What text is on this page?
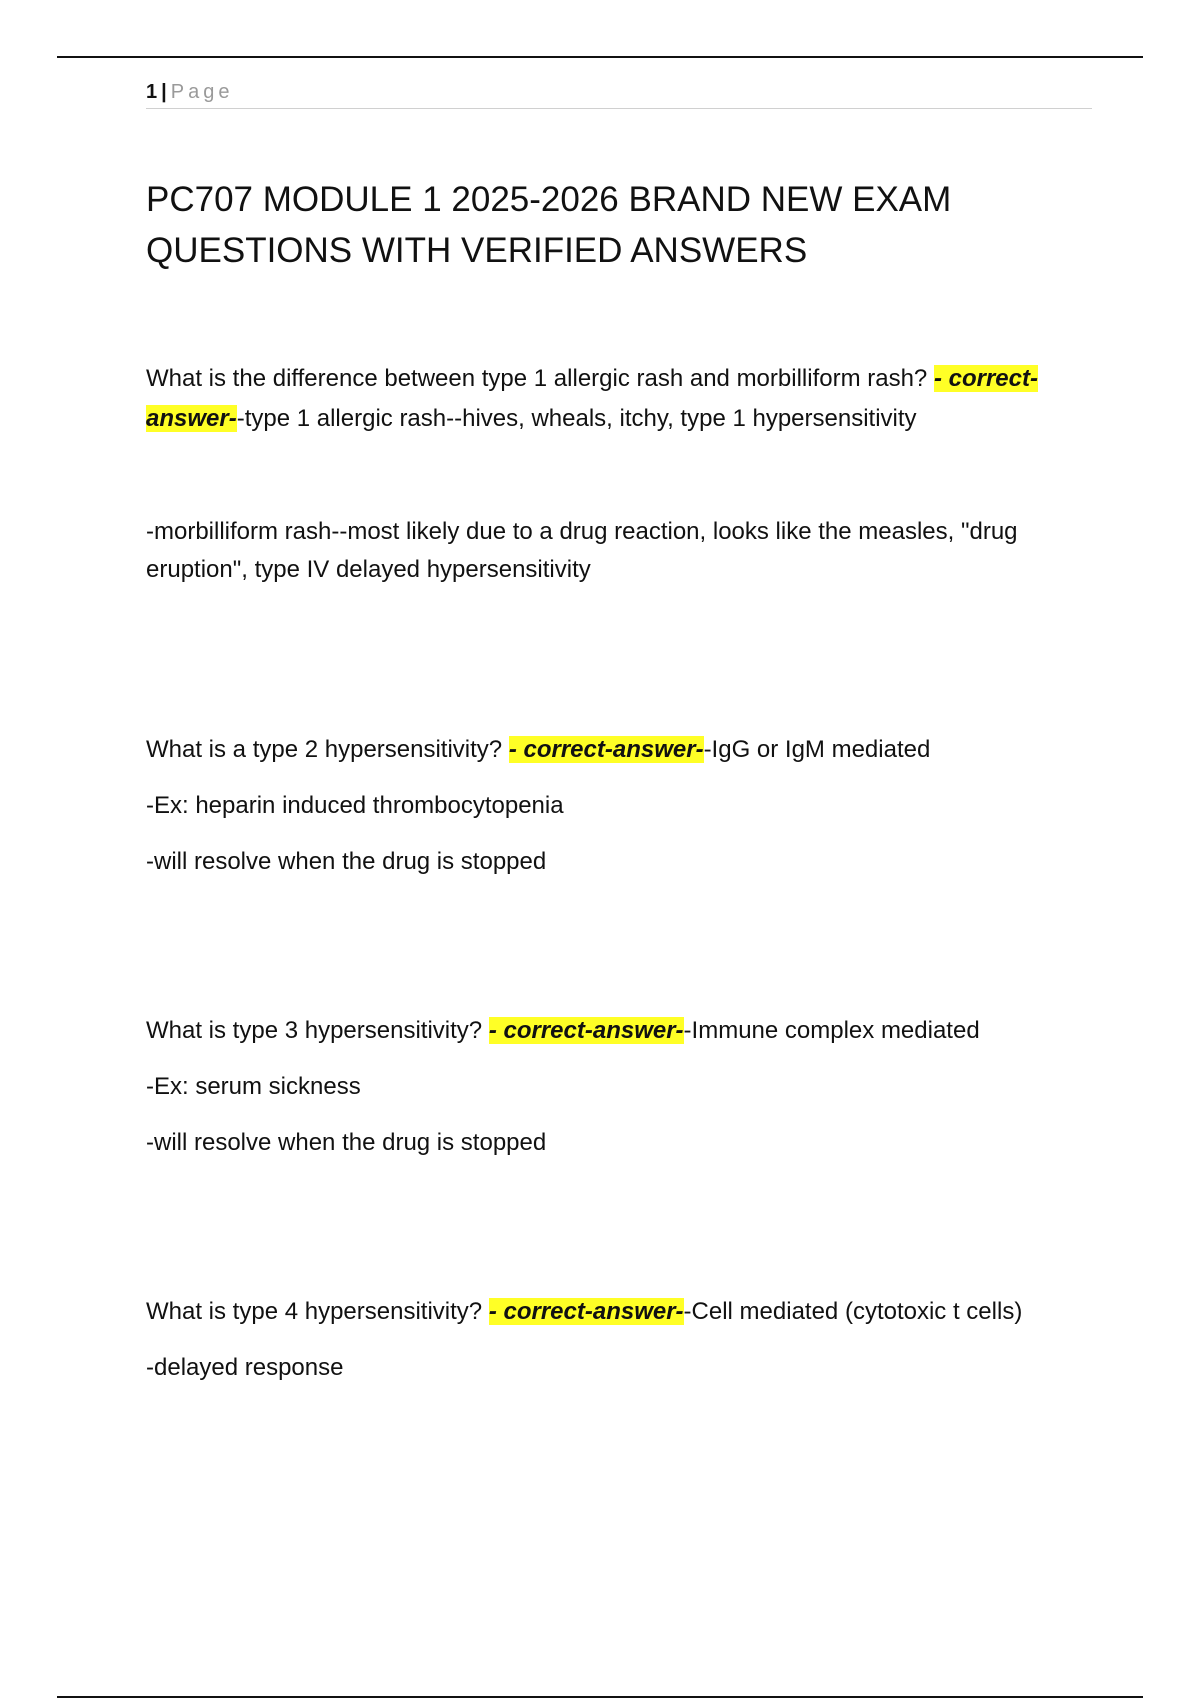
1 | Page
PC707 MODULE 1 2025-2026 BRAND NEW EXAM QUESTIONS WITH VERIFIED ANSWERS

What is the difference between type 1 allergic rash and morbilliform rash? - correct-answer--type 1 allergic rash--hives, wheals, itchy, type 1 hypersensitivity

-morbilliform rash--most likely due to a drug reaction, looks like the measles, "drug eruption", type IV delayed hypersensitivity

What is a type 2 hypersensitivity? - correct-answer--IgG or IgM mediated

-Ex: heparin induced thrombocytopenia

-will resolve when the drug is stopped

What is type 3 hypersensitivity? - correct-answer--Immune complex mediated

-Ex: serum sickness

-will resolve when the drug is stopped

What is type 4 hypersensitivity? - correct-answer--Cell mediated (cytotoxic t cells)

-delayed response
